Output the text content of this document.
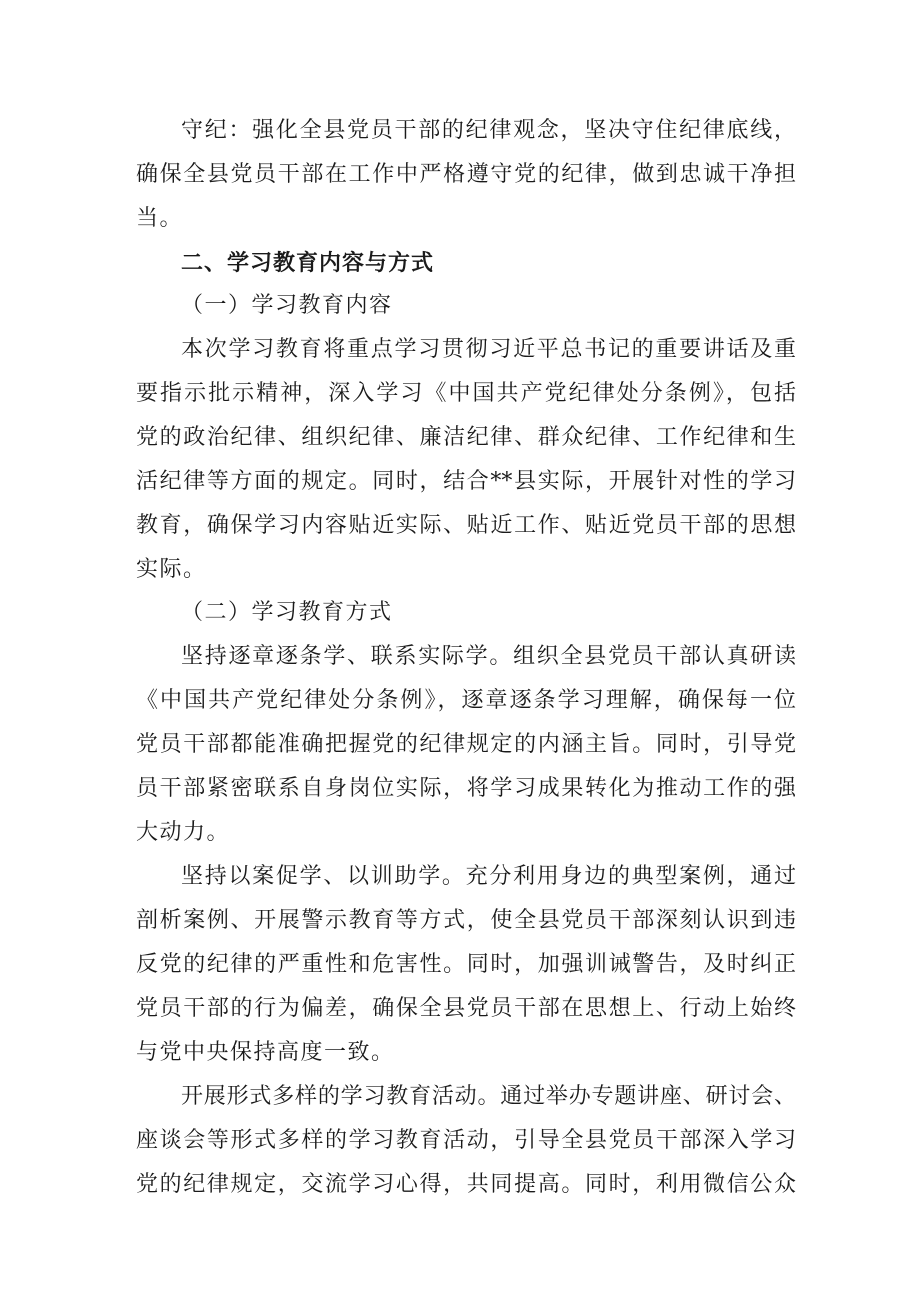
守纪：强化全县党员干部的纪律观念，坚决守住纪律底线，
确保全县党员干部在工作中严格遵守党的纪律，做到忠诚干净担
当。
二、学习教育内容与方式
（一）学习教育内容
本次学习教育将重点学习贯彻习近平总书记的重要讲话及重
要指示批示精神，深入学习《中国共产党纪律处分条例》，包括
党的政治纪律、组织纪律、廉洁纪律、群众纪律、工作纪律和生
活纪律等方面的规定。同时，结合**县实际，开展针对性的学习
教育，确保学习内容贴近实际、贴近工作、贴近党员干部的思想
实际。
（二）学习教育方式
坚持逐章逐条学、联系实际学。组织全县党员干部认真研读
《中国共产党纪律处分条例》，逐章逐条学习理解，确保每一位
党员干部都能准确把握党的纪律规定的内涵主旨。同时，引导党
员干部紧密联系自身岗位实际，将学习成果转化为推动工作的强
大动力。
坚持以案促学、以训助学。充分利用身边的典型案例，通过
剖析案例、开展警示教育等方式，使全县党员干部深刻认识到违
反党的纪律的严重性和危害性。同时，加强训诫警告，及时纠正
党员干部的行为偏差，确保全县党员干部在思想上、行动上始终
与党中央保持高度一致。
开展形式多样的学习教育活动。通过举办专题讲座、研讨会、
座谈会等形式多样的学习教育活动，引导全县党员干部深入学习
党的纪律规定，交流学习心得，共同提高。同时，利用微信公众
